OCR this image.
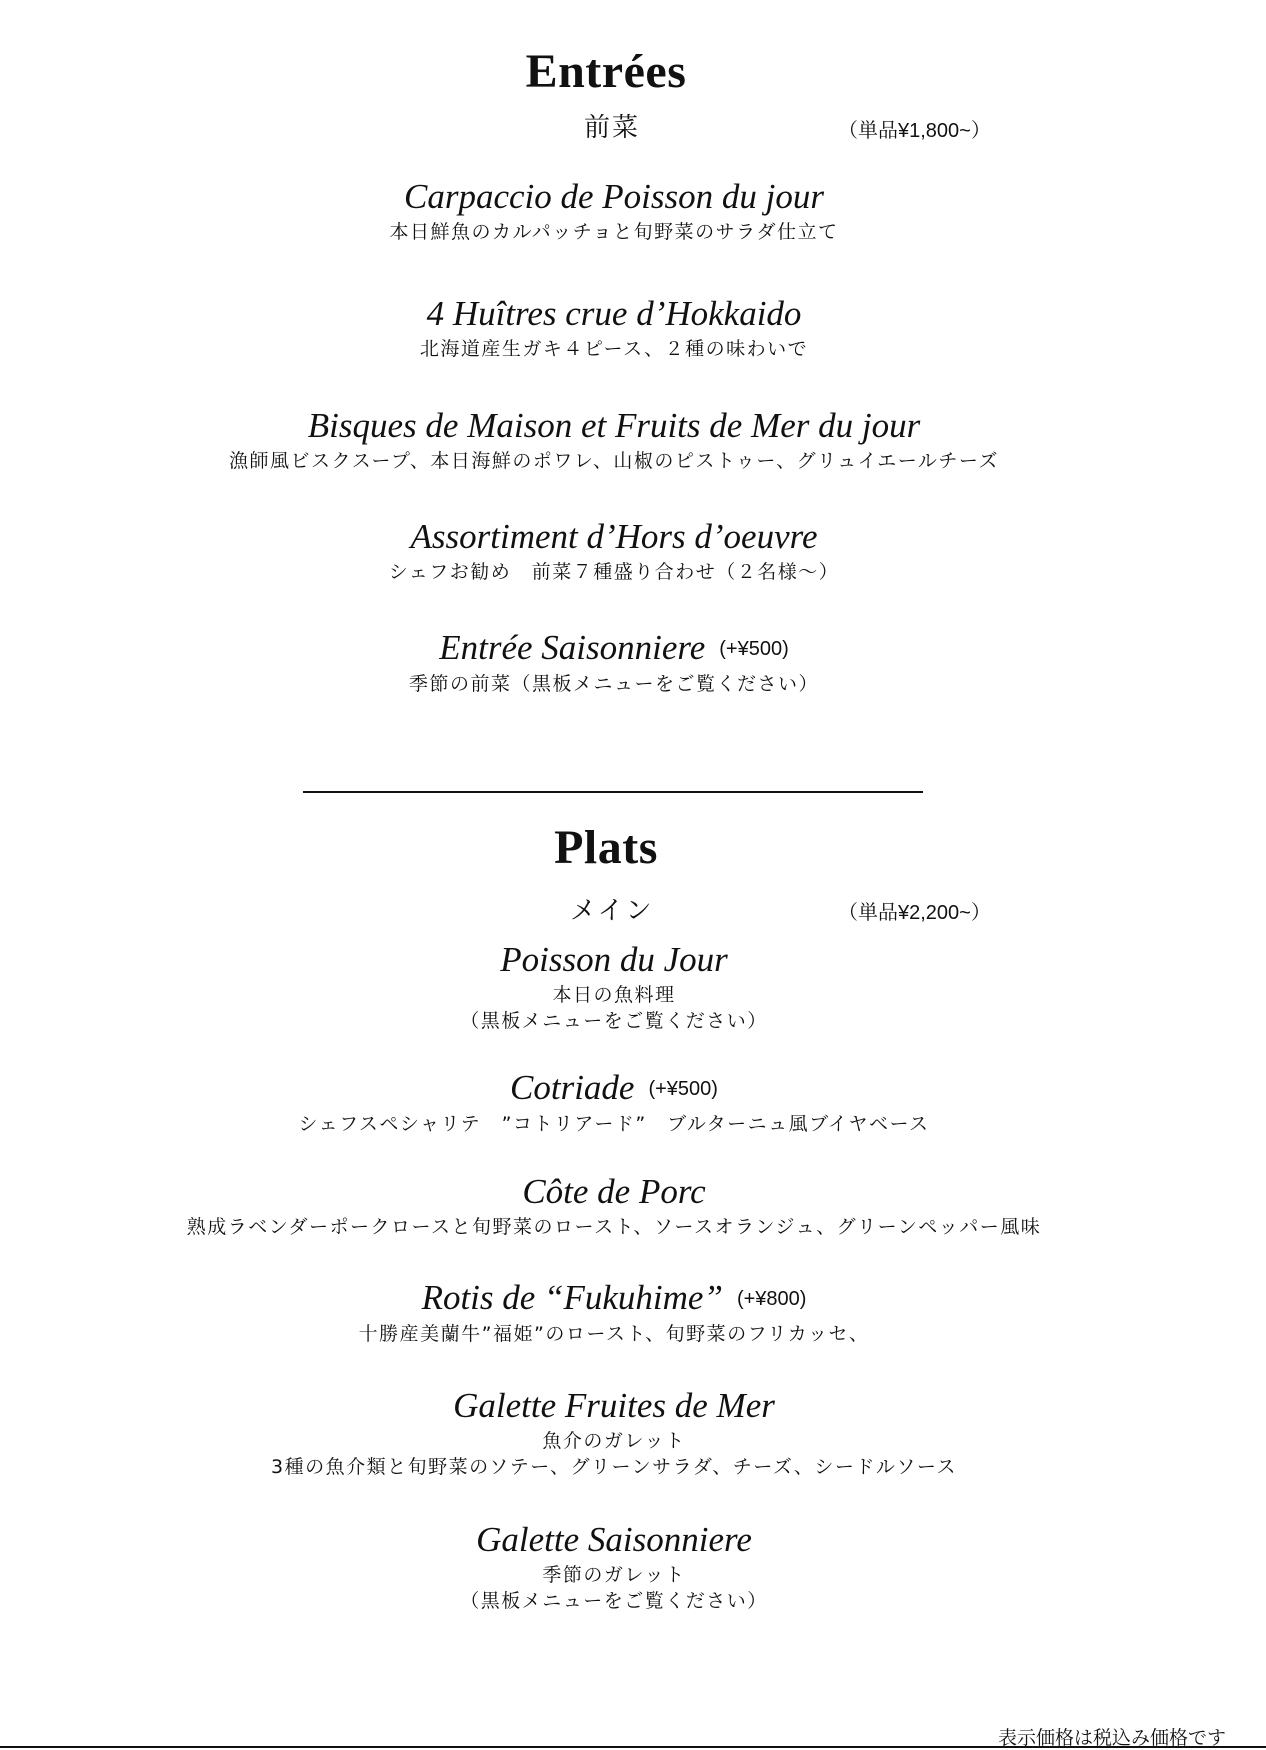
Entrées

前菜	（単品¥1,800~）

Carpaccio de Poisson du jour

本日鮮魚のカルパッチョと旬野菜のサラダ仕立て

4 Huîtres crue d’Hokkaido

北海道産生ガキ４ピース、２種の味わいで

Bisques de Maison et Fruits de Mer du jour

漁師風ビスクスープ、本日海鮮のポワレ、山椒のピストゥー、グリュイエールチーズ

Assortiment d’Hors d’oeuvre

シェフお勧め　前菜７種盛り合わせ（２名様～）

Entrée Saisonniere (+¥500)

季節の前菜（黒板メニューをご覧ください）

Plats

メイン	（単品¥2,200~）

Poisson du Jour

本日の魚料理

（黒板メニューをご覧ください）

Cotriade (+¥500)

シェフスペシャリテ　”コトリアード”　ブルターニュ風ブイヤベース

Côte de Porc

熟成ラベンダーポークロースと旬野菜のロースト、ソースオランジュ、グリーンペッパー風味

Rotis de “Fukuhime” (+¥800)

十勝産美蘭牛”福姫”のロースト、旬野菜のフリカッセ、

Galette Fruites de Mer

魚介のガレット

3種の魚介類と旬野菜のソテー、グリーンサラダ、チーズ、シードルソース

Galette Saisonniere

季節のガレット

（黒板メニューをご覧ください）

表示価格は税込み価格です
